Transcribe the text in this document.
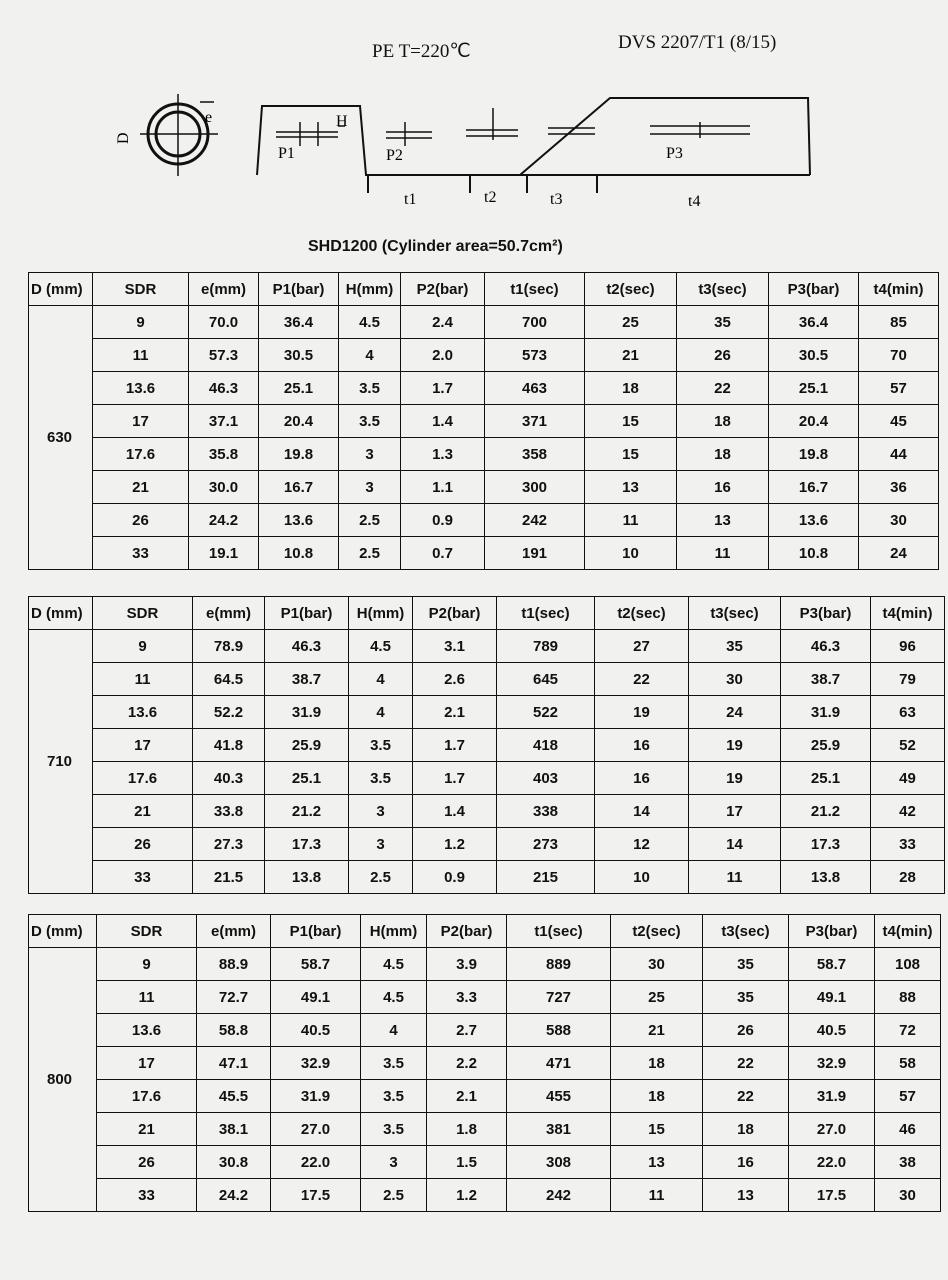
PE T=220℃	DVS 2207/T1 (8/15)
D
e	H
P1	P2	P3
t1	t2	t3	t4
SHD1200 (Cylinder area=50.7cm²)
D (mm)	SDR	e(mm)	P1(bar)	H(mm)	P2(bar)	t1(sec)	t2(sec)	t3(sec)	P3(bar)	t4(min)
630	9	70.0	36.4	4.5	2.4	700	25	35	36.4	85
	11	57.3	30.5	4	2.0	573	21	26	30.5	70
	13.6	46.3	25.1	3.5	1.7	463	18	22	25.1	57
	17	37.1	20.4	3.5	1.4	371	15	18	20.4	45
	17.6	35.8	19.8	3	1.3	358	15	18	19.8	44
	21	30.0	16.7	3	1.1	300	13	16	16.7	36
	26	24.2	13.6	2.5	0.9	242	11	13	13.6	30
	33	19.1	10.8	2.5	0.7	191	10	11	10.8	24
D (mm)	SDR	e(mm)	P1(bar)	H(mm)	P2(bar)	t1(sec)	t2(sec)	t3(sec)	P3(bar)	t4(min)
710	9	78.9	46.3	4.5	3.1	789	27	35	46.3	96
	11	64.5	38.7	4	2.6	645	22	30	38.7	79
	13.6	52.2	31.9	4	2.1	522	19	24	31.9	63
	17	41.8	25.9	3.5	1.7	418	16	19	25.9	52
	17.6	40.3	25.1	3.5	1.7	403	16	19	25.1	49
	21	33.8	21.2	3	1.4	338	14	17	21.2	42
	26	27.3	17.3	3	1.2	273	12	14	17.3	33
	33	21.5	13.8	2.5	0.9	215	10	11	13.8	28
D (mm)	SDR	e(mm)	P1(bar)	H(mm)	P2(bar)	t1(sec)	t2(sec)	t3(sec)	P3(bar)	t4(min)
800	9	88.9	58.7	4.5	3.9	889	30	35	58.7	108
	11	72.7	49.1	4.5	3.3	727	25	35	49.1	88
	13.6	58.8	40.5	4	2.7	588	21	26	40.5	72
	17	47.1	32.9	3.5	2.2	471	18	22	32.9	58
	17.6	45.5	31.9	3.5	2.1	455	18	22	31.9	57
	21	38.1	27.0	3.5	1.8	381	15	18	27.0	46
	26	30.8	22.0	3	1.5	308	13	16	22.0	38
	33	24.2	17.5	2.5	1.2	242	11	13	17.5	30
